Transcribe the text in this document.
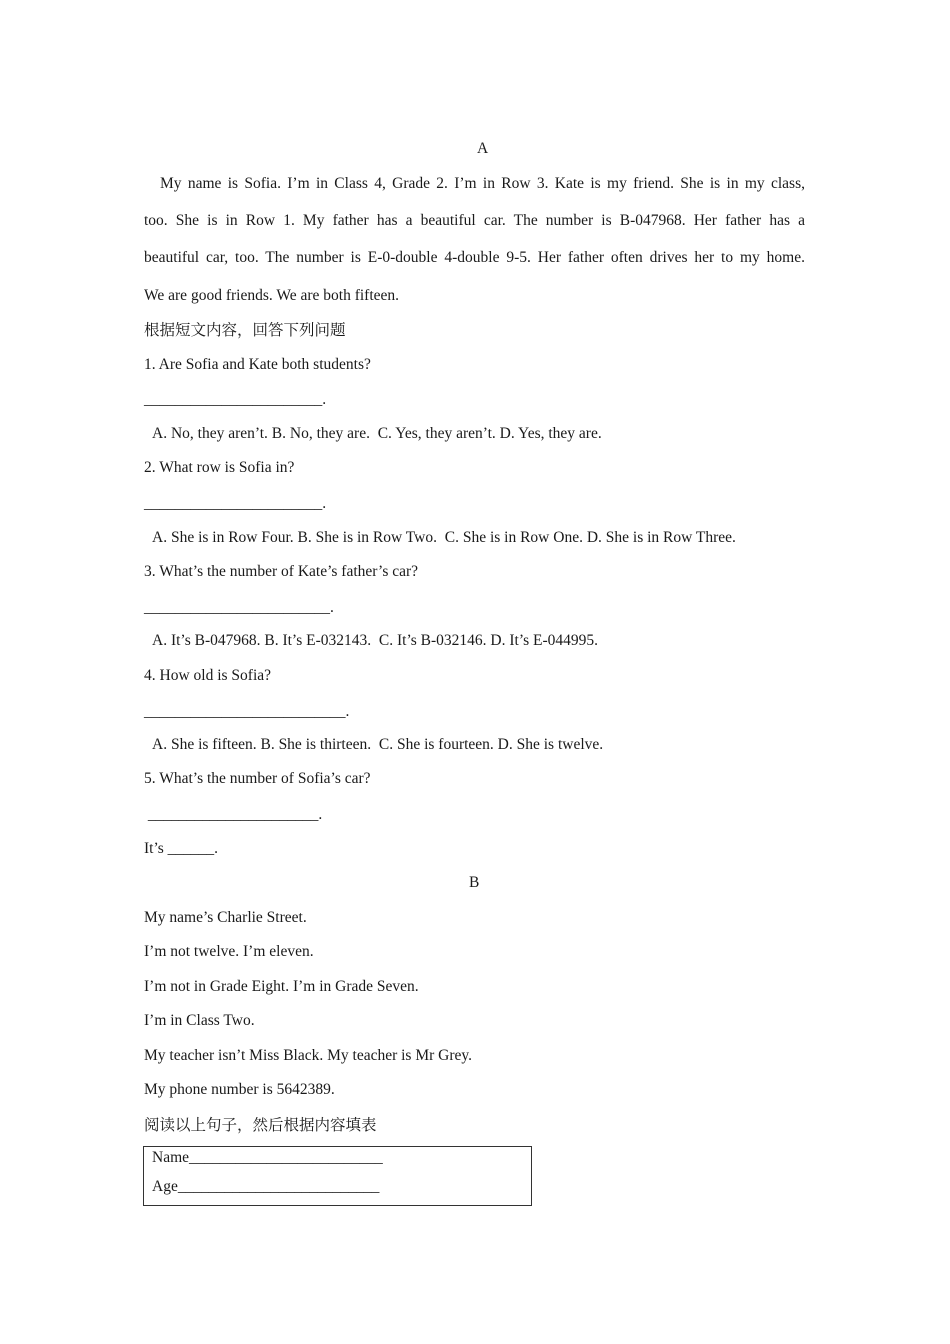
A
My name is Sofia. I’m in Class 4, Grade 2. I’m in Row 3. Kate is my friend. She is in my class,
too. She is in Row 1. My father has a beautiful car. The number is B-047968. Her father has a
beautiful car, too. The number is E-0-double 4-double 9-5. Her father often drives her to my home.
We are good friends. We are both fifteen.
根据短文内容，回答下列问题
1. Are Sofia and Kate both students?
_______________________.
A. No, they aren’t. B. No, they are.  C. Yes, they aren’t. D. Yes, they are.
2. What row is Sofia in?
_______________________.
A. She is in Row Four. B. She is in Row Two.  C. She is in Row One. D. She is in Row Three.
3. What’s the number of Kate’s father’s car?
________________________.
A. It’s B-047968. B. It’s E-032143.  C. It’s B-032146. D. It’s E-044995.
4. How old is Sofia?
__________________________.
A. She is fifteen. B. She is thirteen.  C. She is fourteen. D. She is twelve.
5. What’s the number of Sofia’s car?
______________________.
It’s ______.
B
My name’s Charlie Street.
I’m not twelve. I’m eleven.
I’m not in Grade Eight. I’m in Grade Seven.
I’m in Class Two.
My teacher isn’t Miss Black. My teacher is Mr Grey.
My phone number is 5642389.
阅读以上句子，然后根据内容填表
Name_________________________
Age__________________________
